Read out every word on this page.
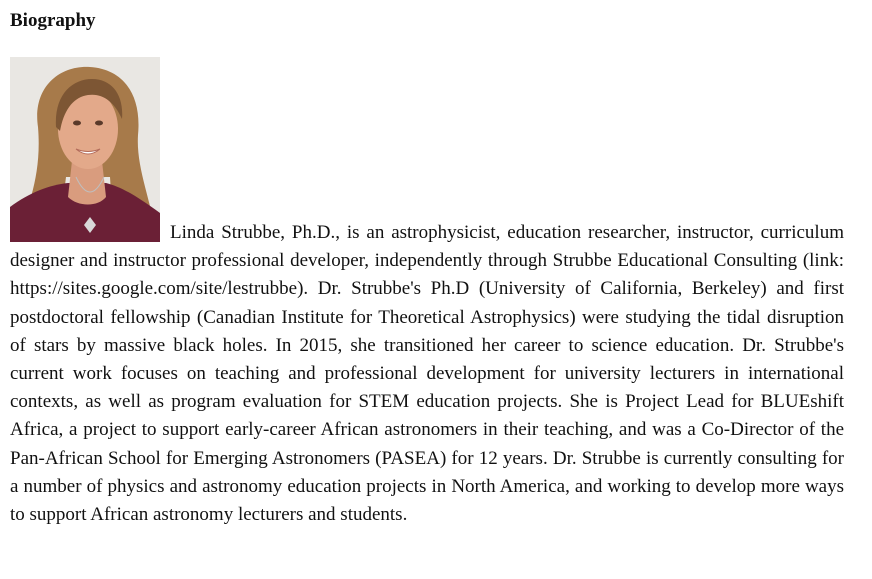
Biography

Linda Strubbe, Ph.D., is an astrophysicist, education researcher, instructor, curriculum designer and instructor professional developer, independently through Strubbe Educational Consulting (link: https://sites.google.com/site/lestrubbe). Dr. Strubbe's Ph.D (University of California, Berkeley) and first postdoctoral fellowship (Canadian Institute for Theoretical Astrophysics) were studying the tidal disruption of stars by massive black holes. In 2015, she transitioned her career to science education. Dr. Strubbe's current work focuses on teaching and professional development for university lecturers in international contexts, as well as program evaluation for STEM education projects. She is Project Lead for BLUEshift Africa, a project to support early-career African astronomers in their teaching, and was a Co-Director of the Pan-African School for Emerging Astronomers (PASEA) for 12 years. Dr. Strubbe is currently consulting for a number of physics and astronomy education projects in North America, and working to develop more ways to support African astronomy lecturers and students.
